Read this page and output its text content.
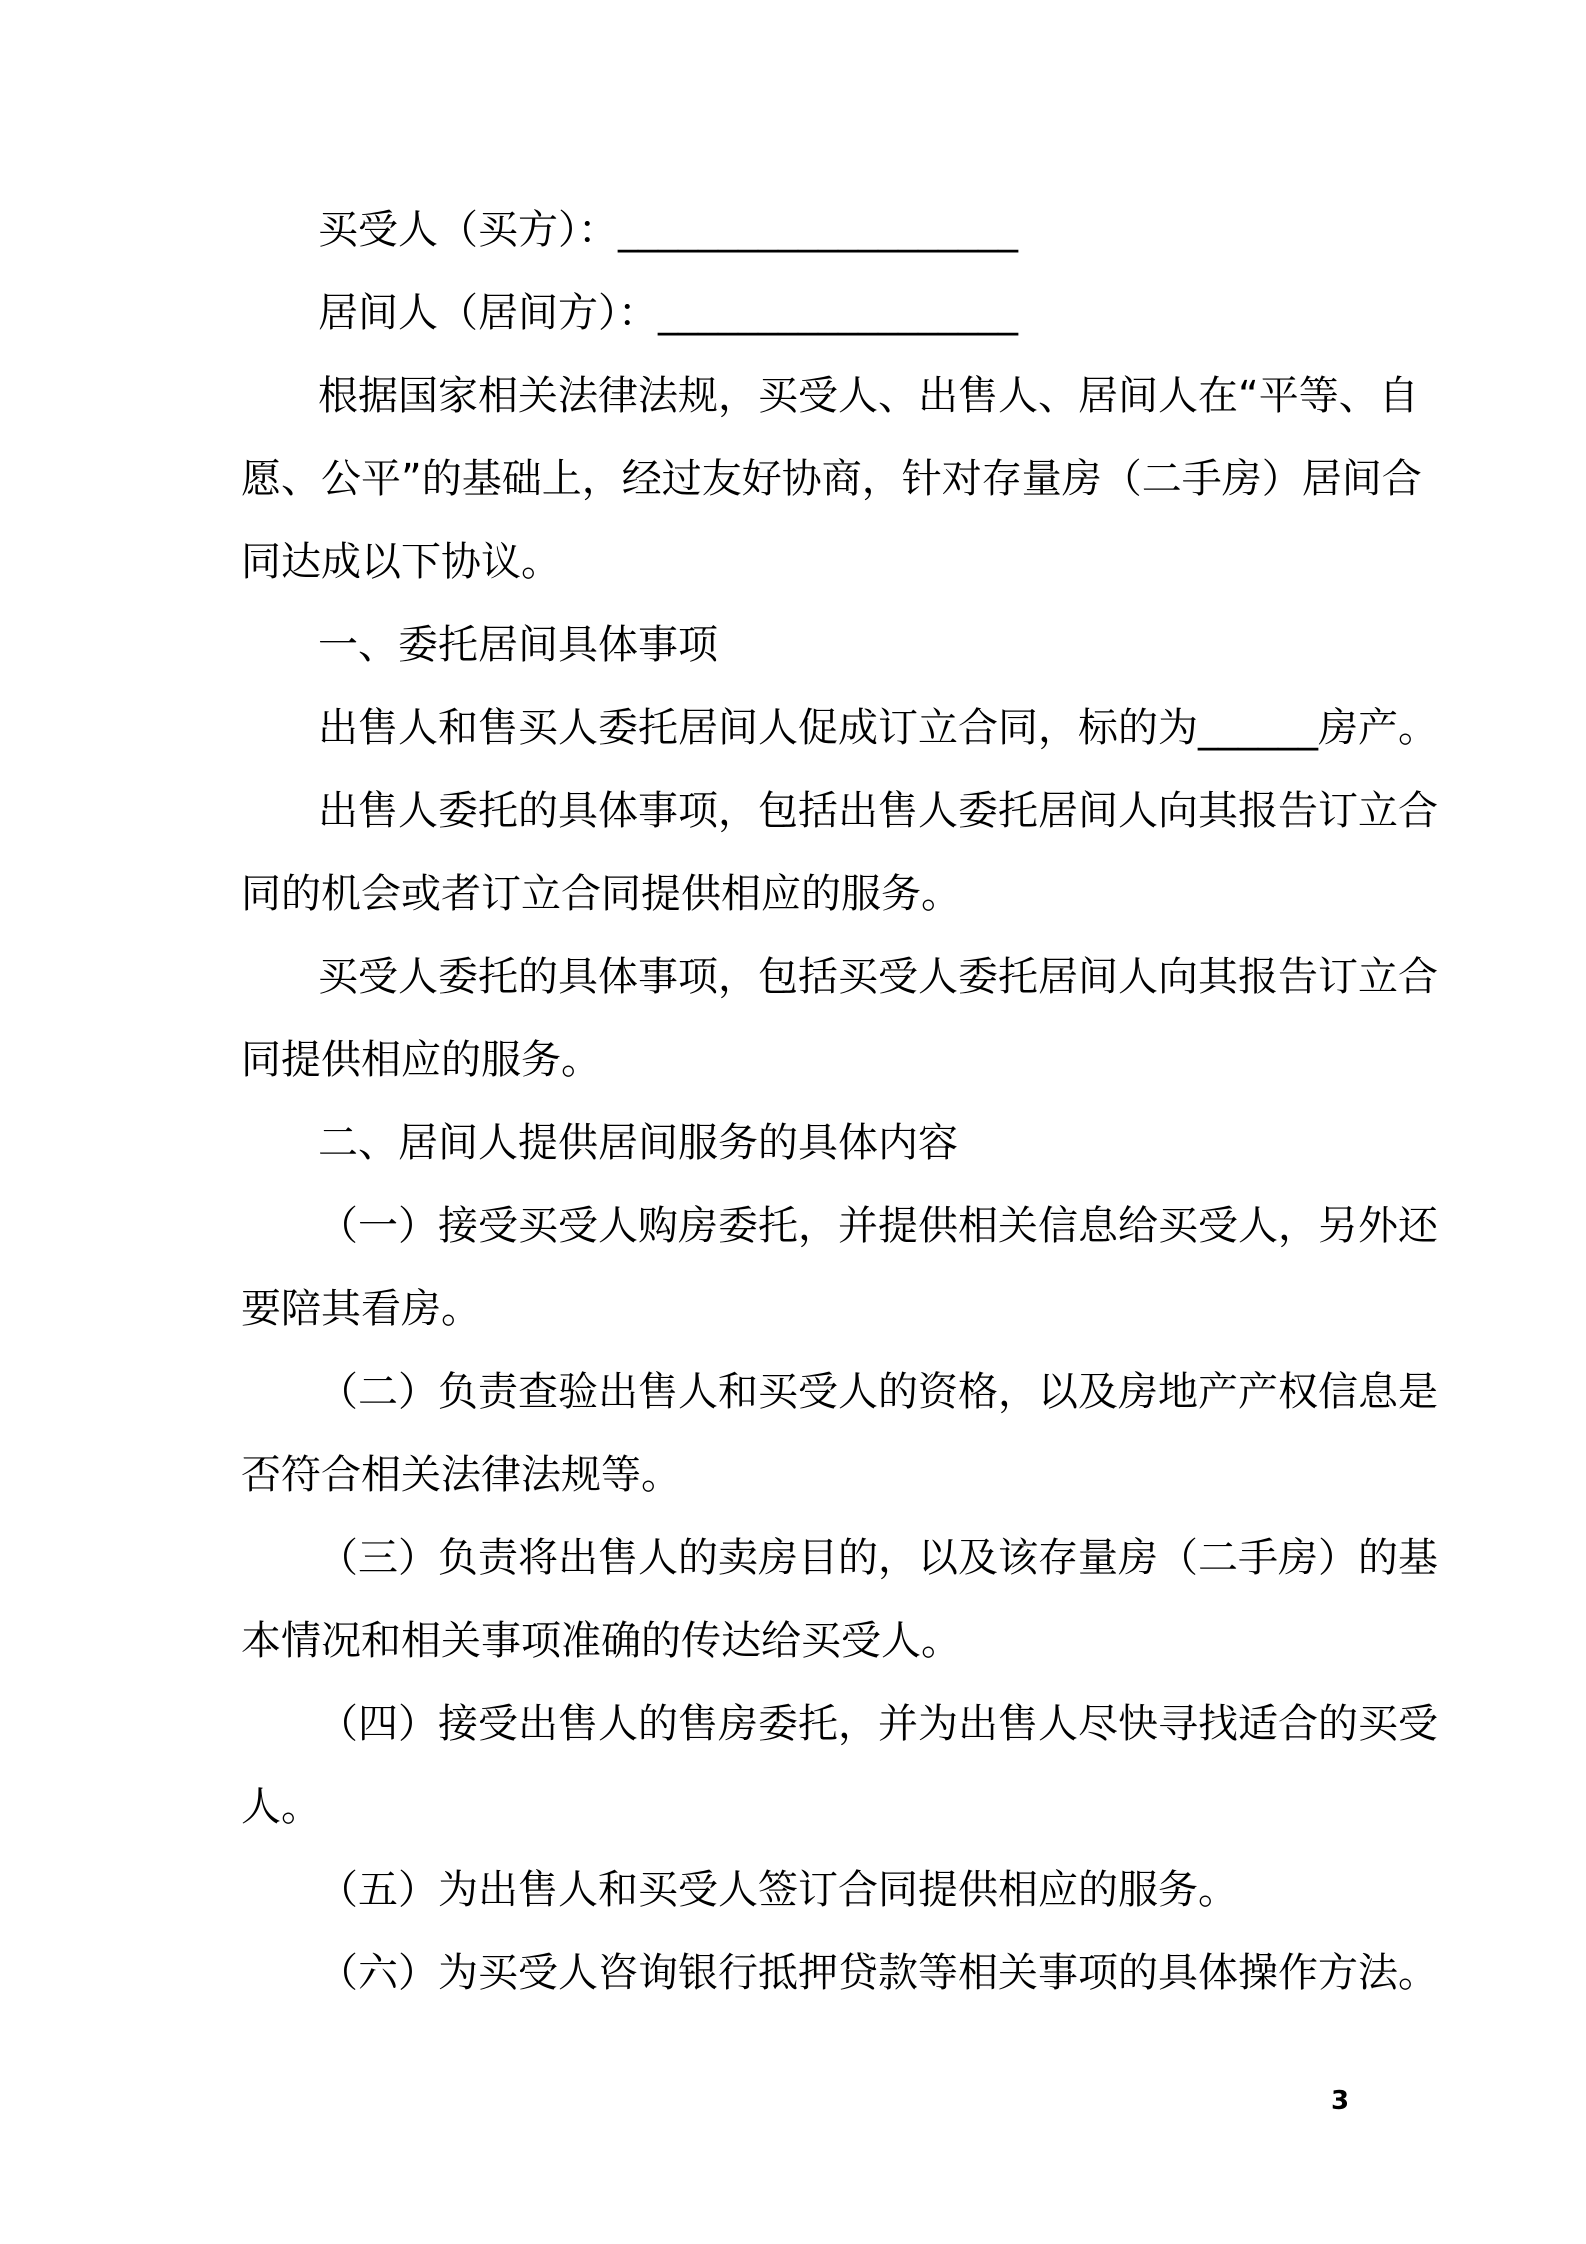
买受人（买方）：____________________
居间人（居间方）：__________________
根据国家相关法律法规，买受人、出售人、居间人在“平等、自
愿、公平”的基础上，经过友好协商，针对存量房（二手房）居间合
同达成以下协议。
一、委托居间具体事项
出售人和售买人委托居间人促成订立合同，标的为______房产。
出售人委托的具体事项，包括出售人委托居间人向其报告订立合
同的机会或者订立合同提供相应的服务。
买受人委托的具体事项，包括买受人委托居间人向其报告订立合
同提供相应的服务。
二、居间人提供居间服务的具体内容
（一）接受买受人购房委托，并提供相关信息给买受人，另外还
要陪其看房。
（二）负责查验出售人和买受人的资格，以及房地产产权信息是
否符合相关法律法规等。
（三）负责将出售人的卖房目的，以及该存量房（二手房）的基
本情况和相关事项准确的传达给买受人。
（四）接受出售人的售房委托，并为出售人尽快寻找适合的买受
人。
（五）为出售人和买受人签订合同提供相应的服务。
（六）为买受人咨询银行抵押贷款等相关事项的具体操作方法。
3
